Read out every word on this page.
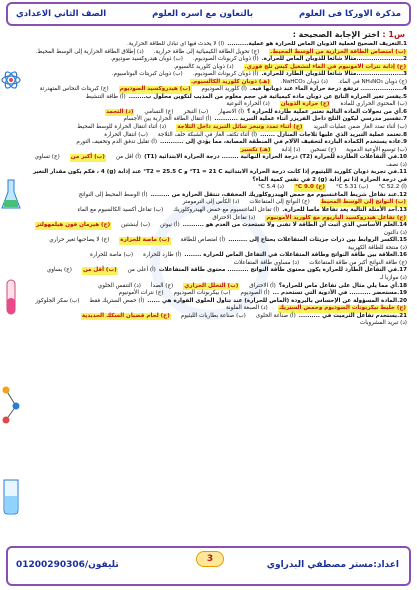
مذكرة الاوركا فى العلوم
بالتعاون مع اسره العلوم
الصف الثاني الاعدادي
س1 : اختر الإجابة الصحيحة :
1.التعريف الصحيح لعملية الذوبان الماص للحرارة هو عملية..........
(أ) لا يحدث فيها أي تبادل للطاقة الحرارية.
(ب) امتصاص الطاقة الحرارية من الوسط المحيط.
(ج) تحويل الطاقة الكيميائية إلى طاقة حرارية.
(د) إطلاق الطاقة الحرارية إلى الوسط المحيط.
2......................مثالا شائعا للذوبان الماص للحرارة.
(أ) ذوبان كربونات الصوديوم.
(ب) ذوبان هيدروكسيد صوديوم.
(ج) إذابة نترات الامونيوم في الماء لتشغيل كيس ثلج فوري.
(د) ذوبان كلوريد كالسيوم.
3......................مثالا شائعا للذوبان الطارد للحرارة.
(أ) ذوبان كربونات الصوديوم.
(ب) ذوبان كبريتات البوتاسيوم.
(ج) ذوبان NH₄NO₃ في الماء.
(د) ذوبان NaHCO₃.
(هـ) ذوبان كلوريد الكالسيوم.
4.................... ترتفع درجة حرارة الماء عند ذوبانها فيه.
(أ) كلوريد الصوديوم
(ب) هيدروكسيد الصوديوم
(ج) كبريتات النحاس المتهدرتة
5.يفسر تغير الحرارة الناتج عن ذوبان مادة كيميائية في حجم معلوم من المذيب لتكوين محلول ب........
(أ) طاقة التنشيط
(ب) المحتوى الحراري للمادة
(ج) حرارة الذوبان
(د) الحرارة النوعية
6.أي من تحولات المادة التالية تعتبر عملية طاردة للحرارة ؟
(أ) الانصهار
(ب) التبخر
(ج) التسامي
(د) التجمد
7.تفسير مدرسي ليكون الثلج داخل الفريزر أثناء عملية التبريد ...........
(أ) انتقال الطاقة الحرارية بين الأجسام
(ب) أثناء تمدد الغاز ضمن عمليات التبريد
(ج) أثناء تمدد وتبخر سائل التبريد داخل الثلاجة
(د) أثناء انتقال الحرارة للوسط المحيط
8.تعتمد عملية التبريد الذي عليها ثلاجات المنازل .......
(أ) أثناء تكثف الغاز في الشبكة خلف الثلاجة
(ب) انتقال الحرارة
9.عادة يستخدم الكمادة الباردة لتخفيف الآلام في المنطقة المصابة، مما يؤدي إلى ...........
(أ) تقليل تدفق الدم وتخفيف التورم
(ب) توسيع الأوعية الدموية
(ج) تسخين
(د) إذابة
(هـ) تكسير
10.في التفاعلات الطاردة للحرارة (T2) درجة الحرارة النهائية ........ درجة الحرارة الابتدائية (T1)
(أ) اقل من
(ب) أكبر من
(ج) تساوي
(د) نصف
11.في تجربة ذوبان كلوريد الليثيوم إذا كانت درجة الحرارة الابتدائية T1 = 21 C° و T2 = 25.5 C° عند إذابة (g) 4 ، فكم يكون مقدار التغير في درجة الحرارة إذا تم إذابة (g) 2 في نفس كمية الماء؟
(أ) 52.2 C°
(ب) 5.31 C°
(ج) 9.0 C°
(د) 5.4 C°
12.عند تفاعل شريط الماغنسيوم مع حمض الهيدروكلوريك المخفف، تنتقل الحرارة من .........
(أ) الوسط المحيط إلى النواتج
(ب) النواتج إلى الوسط المحيط
(ج) النواتج إلى المتفاعلات
(د) الكأس إلى الترمومتر
13.أحد الأمثلة التالية يعد تفاعلا ماصا للحرارة.
(أ) تفاعل الماغنسيوم مع حمض الهيدروكلوريك
(ب) تفاعل أكسيد الكالسيوم مع الماء
(ج) تفاعل هيدروكسيد الباريوم مع كلوريد الأمونيوم
(د) تفاعل الاحتراق
14.العلم الأساسي الذي أثبت أن الطاقة لا تفنى ولا تستحدث من العدم هو ..........
(أ) نيوتن
(ب) أينشتين
(ج) هيرمان فون هيلمهولتز
(د) دالتون
15.الكسر الروابط بين ذرات جزيئات المتفاعلات يحتاج إلى .........
(أ) امتصاص للطاقة
(ب) ماصة للحرارة
(ج) لا يصاحبها تغير حراري
(د) منتجة للطاقة الكهربية
16.العلاقة بين طاقة النواتج وطاقة المتفاعلات في التفاعل الماص للحرارة ........
(أ) طارد للحرارة
(ب) ماصة للحرارة
(ج) طاقة النواتج أكبر من طاقة المتفاعلات
(د) مساوي طاقة المتفاعلات
17.في التفاعل الطارد للحرارة يكون محتوى طاقة النواتج .......... محتوى طاقة المتفاعلات
(أ) أعلى من
(ب) أقل من
(ج) يساوي
(د) موازيا لـ
18.أي مما يلي مثال على تفاعل ماص للحرارة؟
(أ) الاحتراق
(ب) التحلل الحراري
(ج) الصدأ
(د) التنفس الخلوي
19.مستحضر .......... في الأدوية التي تستخدم ...
(أ) الصوديوم
(ب) بيكربونات الصوديوم
(ج) نترات الأمونيوم
20.المادة المسؤولة عن الإحساس بالبرودة (الماص للحرارة) عند تناول الحلوى الفوارة هي ......
(أ) حمض الستريك فقط
(ب) سكر الجلوكوز
(ج) خليط بيكربونات الصوديوم وحمض الستريك
(د) الصبغة الملونة
21.يستخدم تفاعل الثرميت في ..........
(أ) صناعة الحلوى
(ب) صناعة بطاريات الليثيوم
(ج) لحام قضبان السكك الحديدية
(د) تبريد المشروبات
اعداد:مستر مصطفي البدراوي
3
01200290306/تليفون
